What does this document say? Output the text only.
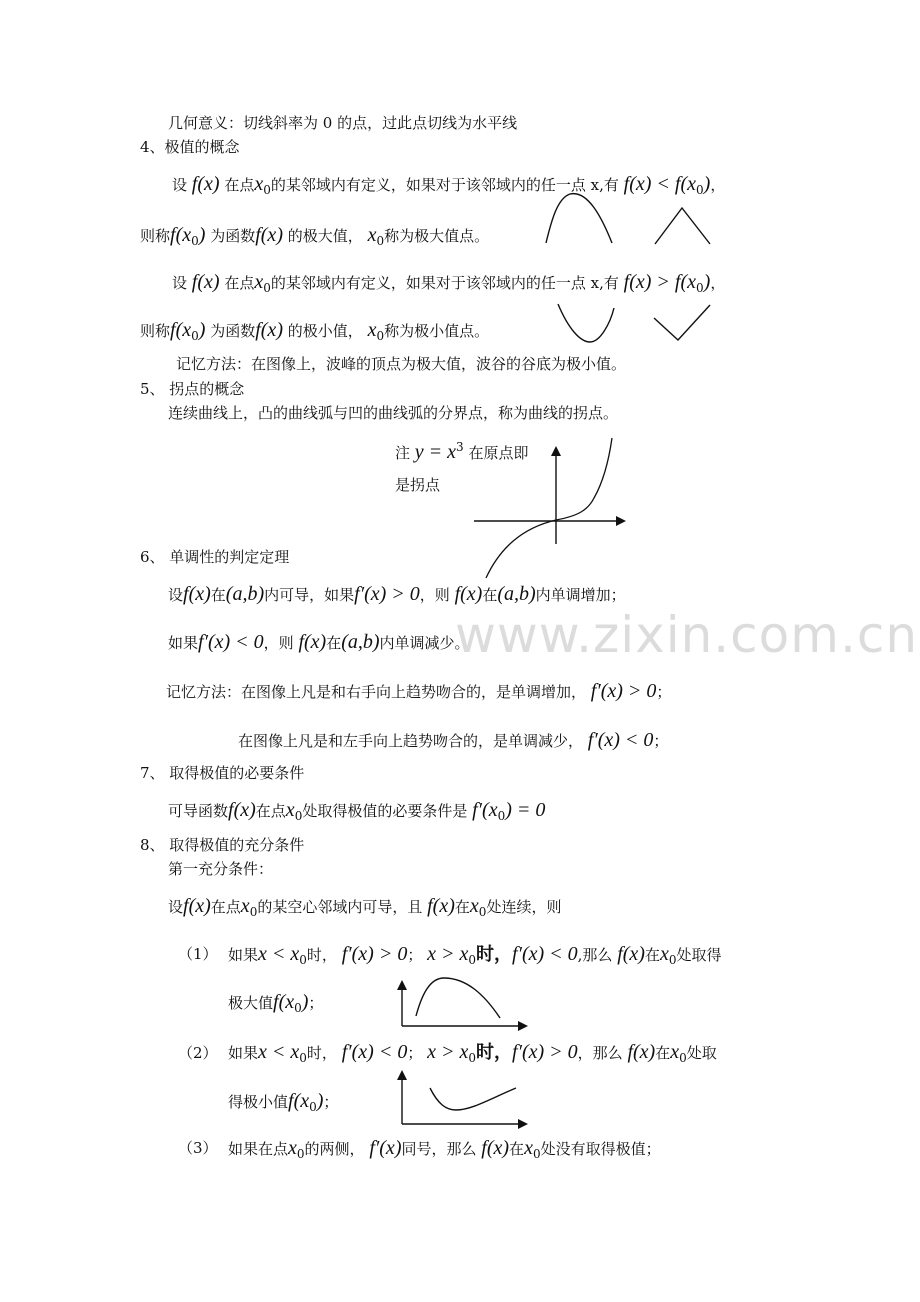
www.zixin.com.cn
几何意义：切线斜率为 0 的点，过此点切线为水平线
4、极值的概念
设 f(x) 在点$x_0$的某邻域内有定义，如果对于该邻域内的任一点 x,有 $f(x) < f(x_0)$，
则称$f(x_0)$ 为函数f(x) 的极大值， $x_0$称为极大值点。
设 f(x) 在点$x_0$的某邻域内有定义，如果对于该邻域内的任一点 x,有 $f(x) > f(x_0)$，
则称$f(x_0)$ 为函数f(x) 的极小值， $x_0$称为极小值点。
记忆方法：在图像上，波峰的顶点为极大值，波谷的谷底为极小值。
5、 拐点的概念
连续曲线上，凸的曲线弧与凹的曲线弧的分界点，称为曲线的拐点。
注 $y = x^3$ 在原点即
是拐点
6、 单调性的判定定理
设f(x)在(a,b)内可导，如果f′(x) > 0，则 f(x)在(a,b)内单调增加；
如果f′(x) < 0，则 f(x)在(a,b)内单调减少。
记忆方法：在图像上凡是和右手向上趋势吻合的，是单调增加， f′(x) > 0；
在图像上凡是和左手向上趋势吻合的，是单调减少， f′(x) < 0；
7、 取得极值的必要条件
可导函数f(x)在点$x_0$处取得极值的必要条件是 $f'(x_0) = 0$
8、 取得极值的充分条件
第一充分条件：
设f(x)在点$x_0$的某空心邻域内可导，且 f(x)在$x_0$处连续，则
（1） 如果$x < x_0$时， f′(x) > 0； $x > x_0$时，f′(x) < 0,那么 f(x)在$x_0$处取得
极大值$f(x_0)$；
（2） 如果$x < x_0$时， f′(x) < 0； $x > x_0$时，f′(x) > 0，那么 f(x)在$x_0$处取
得极小值$f(x_0)$；
（3） 如果在点$x_0$的两侧， f′(x)同号，那么 f(x)在$x_0$处没有取得极值；
